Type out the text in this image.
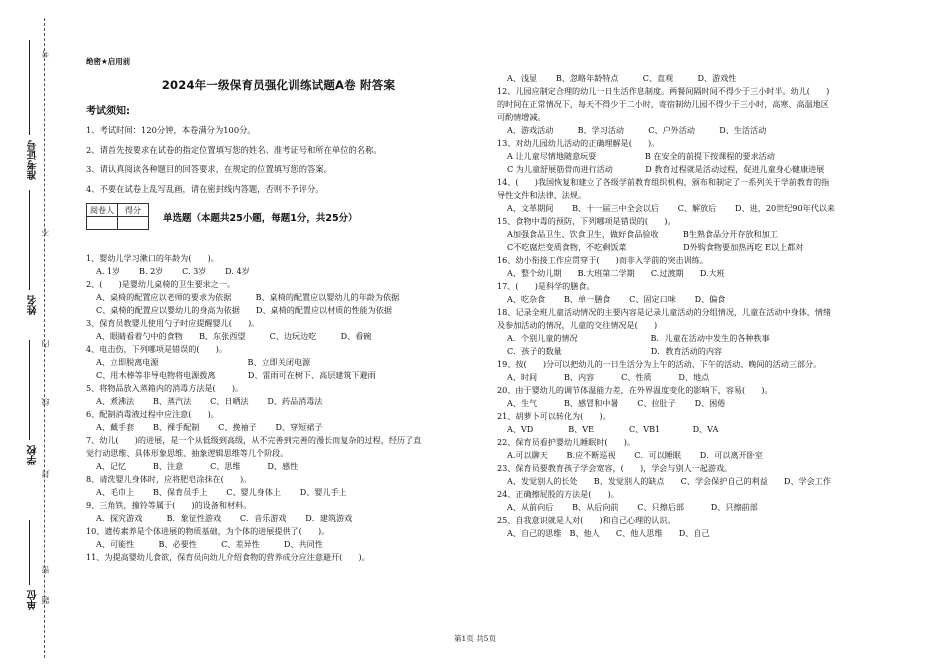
考
准考证号
不
姓名
内
线
学校
封
密
单位 题
绝密★启用前
2024年一级保育员强化训练试题A卷 附答案
考试须知:
1、考试时间：120分钟，本卷满分为100分。
2、请首先按要求在试卷的指定位置填写您的姓名、准考证号和所在单位的名称。
3、请认真阅读各种题目的回答要求，在规定的位置填写您的答案。
4、不要在试卷上乱写乱画，请在密封线内答题，否则不予评分。
阅卷人	得分

单选题（本题共25小题，每题1分，共25分）
1、婴幼儿学习漱口的年龄为(　　)。
A. 1岁　　 B. 2岁　　 C. 3岁　　 D. 4岁
2、(　　)是婴幼儿桌椅的卫生要求之一。
A、桌椅的配置应以老师的要求为依据　　　B、桌椅的配置应以婴幼儿的年龄为依据
C、桌椅的配置应以婴幼儿的身高为依据　　D、桌椅的配置应以材质的性能为依据
3、保育员教婴儿使用勺子时应提醒婴儿(　　)。
A、眼睛看着勺中的食物　　B、东张西望　　　C、边玩边吃　　　D、看碗
4、电击伤，下列哪项是错误的(　　)。
A、立即脱离电源　　　　　　　　　　　B、立即关闭电源
C、用木棒等非导电物将电源拨离　　　　D、雷雨可在树下、高层建筑下避雨
5、将物品放入蒸箱内的消毒方法是(　　)。
A、煮沸法　　 B、蒸汽法　　 C、日晒法　　 D、药品消毒法
6、配制消毒液过程中应注意(　　)。
A、戴手套　　 B、裸手配制　　 C、挽袖子　　 D、穿短裙子
7、幼儿(　　)的进展，是一个从低级到高级，从不完善到完善的漫长而复杂的过程，经历了直
觉行动思维、具体形象思维、抽象逻辑思维等几个阶段。
A、记忆　　　 B、注意　　　 C、思维　　　 D、感性
8、请洗婴儿身体时，应将肥皂涂抹在(　　)。
A、毛巾上　　 B、保育员手上　　 C、婴儿身体上　　 D、婴儿手上
9、三角铁，撞铃等属于(　　)的设备和材料。
A．探究游戏　　　B．象征性游戏　　 C．音乐游戏　　 D．建筑游戏
10、遗传素养是个体进展的物质基础，为个体的进展提供了(　　)。
A、可能性　　　B、必要性　　　C、差异性　　　D、共同性
11、为提高婴幼儿食欲，保育员向幼儿介绍食物的营养成分应注意避开(　　)。
A、浅显　　 B、忽略年龄特点　　　C、直观　　　D、游戏性
12、儿园应制定合理的幼儿一日生活作息制度。两餐间隔时间不得少于三小时半。幼儿(　　)
的时间在正常情况下，每天不得少于二小时，寄宿制幼儿园不得少于三小时，高寒、高温地区
可酌情增减。
A、游戏活动　　　B、学习活动　　　C、户外活动　　　D、生活活动
13、对幼儿园幼儿活动的正确理解是(　　)。
A 让儿童尽情地随意玩耍　　　　　　B 在安全的前提下按课程的要求活动
C 为儿童舒展筋骨而进行活动　　　　D 教育过程就是活动过程，促进儿童身心健康进展
14、(　　)我国恢复和建立了各级学前教育组织机构，颁布和制定了一系列关于学前教育的指
导性文件和法律、法规。
A、文革期间　　 B、十一届三中全会以后　　 C、解放后　　 D、进，20世纪90年代以来
15、食物中毒的预防，下列哪项是错误的(　　)。
A加强食品卫生、饮食卫生，做好食品验收　　　B生熟食品分开存放和加工
C不吃腐烂变质食物，不吃剩饭菜　　　　　　　D外购食物要加热再吃 E以上都对
16、幼小衔接工作应贯穿于(　　)而非入学前的突击训练。
A、整个幼儿期　　B.大班第二学期　　C.过渡期　　D.大班
17、(　　)是科学的膳食。
A、吃杂食　　 B、单一膳食　　 C、固定口味　　 D、偏食
18、记录全班儿童活动情况的主要内容是记录儿童活动的分组情况，儿童在活动中身体，情绪
及参加活动的情况，儿童的交往情况是(　　)
A．个别儿童的情况　　　　　　　　　B．儿童在活动中发生的各种秩事
C．孩子的数量　　　　　　　　　　　D．教育活动的内容
19、按(　　)分可以把幼儿的一日生活分为上午的活动、下午的活动、晚间的活动三部分。
A、时间　　　 B、内容　　　 C、性质　　　 D、地点
20、由于婴幼儿的调节体温能力差，在外界温度变化的影响下，容易(　　)。
A、生气　　　 B、感冒和中暑　　 C、拉肚子　　 D、困倦
21、胡萝卜可以转化为(　　)。
A、VD　　　　 B、VE　　　　 C、VB1　　　　D、VA
22、保育员看护婴幼儿睡眠时(　　)。
A.可以聊天　　 B.应不断巡视　　 C．可以睡眠　　 D．可以离开卧室
23、保育员要教育孩子学会宽容，(　　)，学会与别人一起游戏。
A、发觉别人的长处　　B、发觉别人的缺点　　C、学会保护自己的利益　　D、学会工作
24、正确擦屁股的方法是(　　)。
A、从前向后　　 B、从后向前　　 C、只擦后部　　　 D、只擦前部
25、自我意识就是人对(　　)和自己心理的认识。
A、自己的思维　B、他人　　C、他人思维　　D、自己
第1页 共5页
